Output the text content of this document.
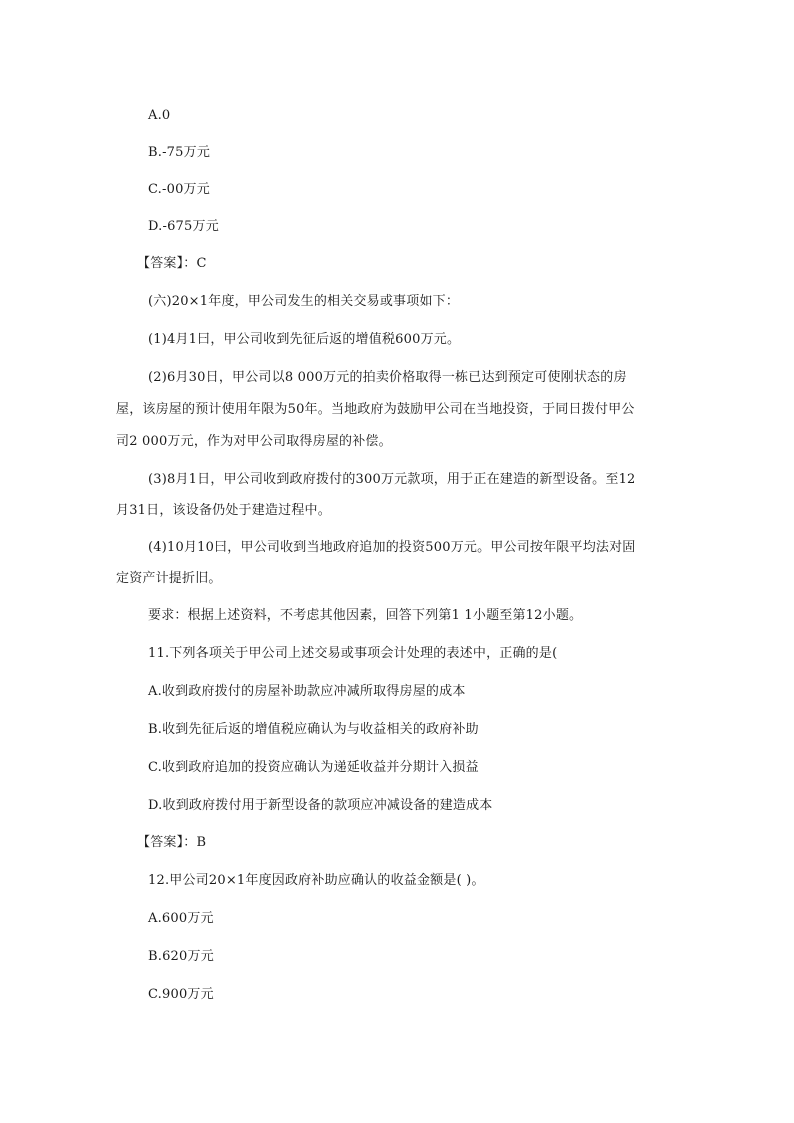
A.0
B.-75万元
C.-00万元
D.-675万元
【答案】：C
(六)20×1年度，甲公司发生的相关交易或事项如下：
(1)4月1曰，甲公司收到先征后返的增值税600万元。
(2)6月30日，甲公司以8 000万元的拍卖价格取得一栋已达到预定可使刚状态的房
屋，该房屋的预计使用年限为50年。当地政府为鼓励甲公司在当地投资，于同日拨付甲公
司2 000万元，作为对甲公司取得房屋的补偿。
(3)8月1日，甲公司收到政府拨付的300万元款项，用于正在建造的新型设备。至12
月31日，该设备仍处于建造过程中。
(4)10月10曰，甲公司收到当地政府追加的投资500万元。甲公司按年限平均法对固
定资产计提折旧。
要求：根据上述资料，不考虑其他因素，回答下列第1 1小题至第12小题。
11.下列各项关于甲公司上述交易或事项会计处理的表述中，正确的是(
A.收到政府拨付的房屋补助款应冲减所取得房屋的成本
B.收到先征后返的增值税应确认为与收益相关的政府补助
C.收到政府追加的投资应确认为递延收益并分期计入损益
D.收到政府拨付用于新型设备的款项应冲减设备的建造成本
【答案】：B
12.甲公司20×1年度因政府补助应确认的收益金额是( )。
A.600万元
B.620万元
C.900万元
